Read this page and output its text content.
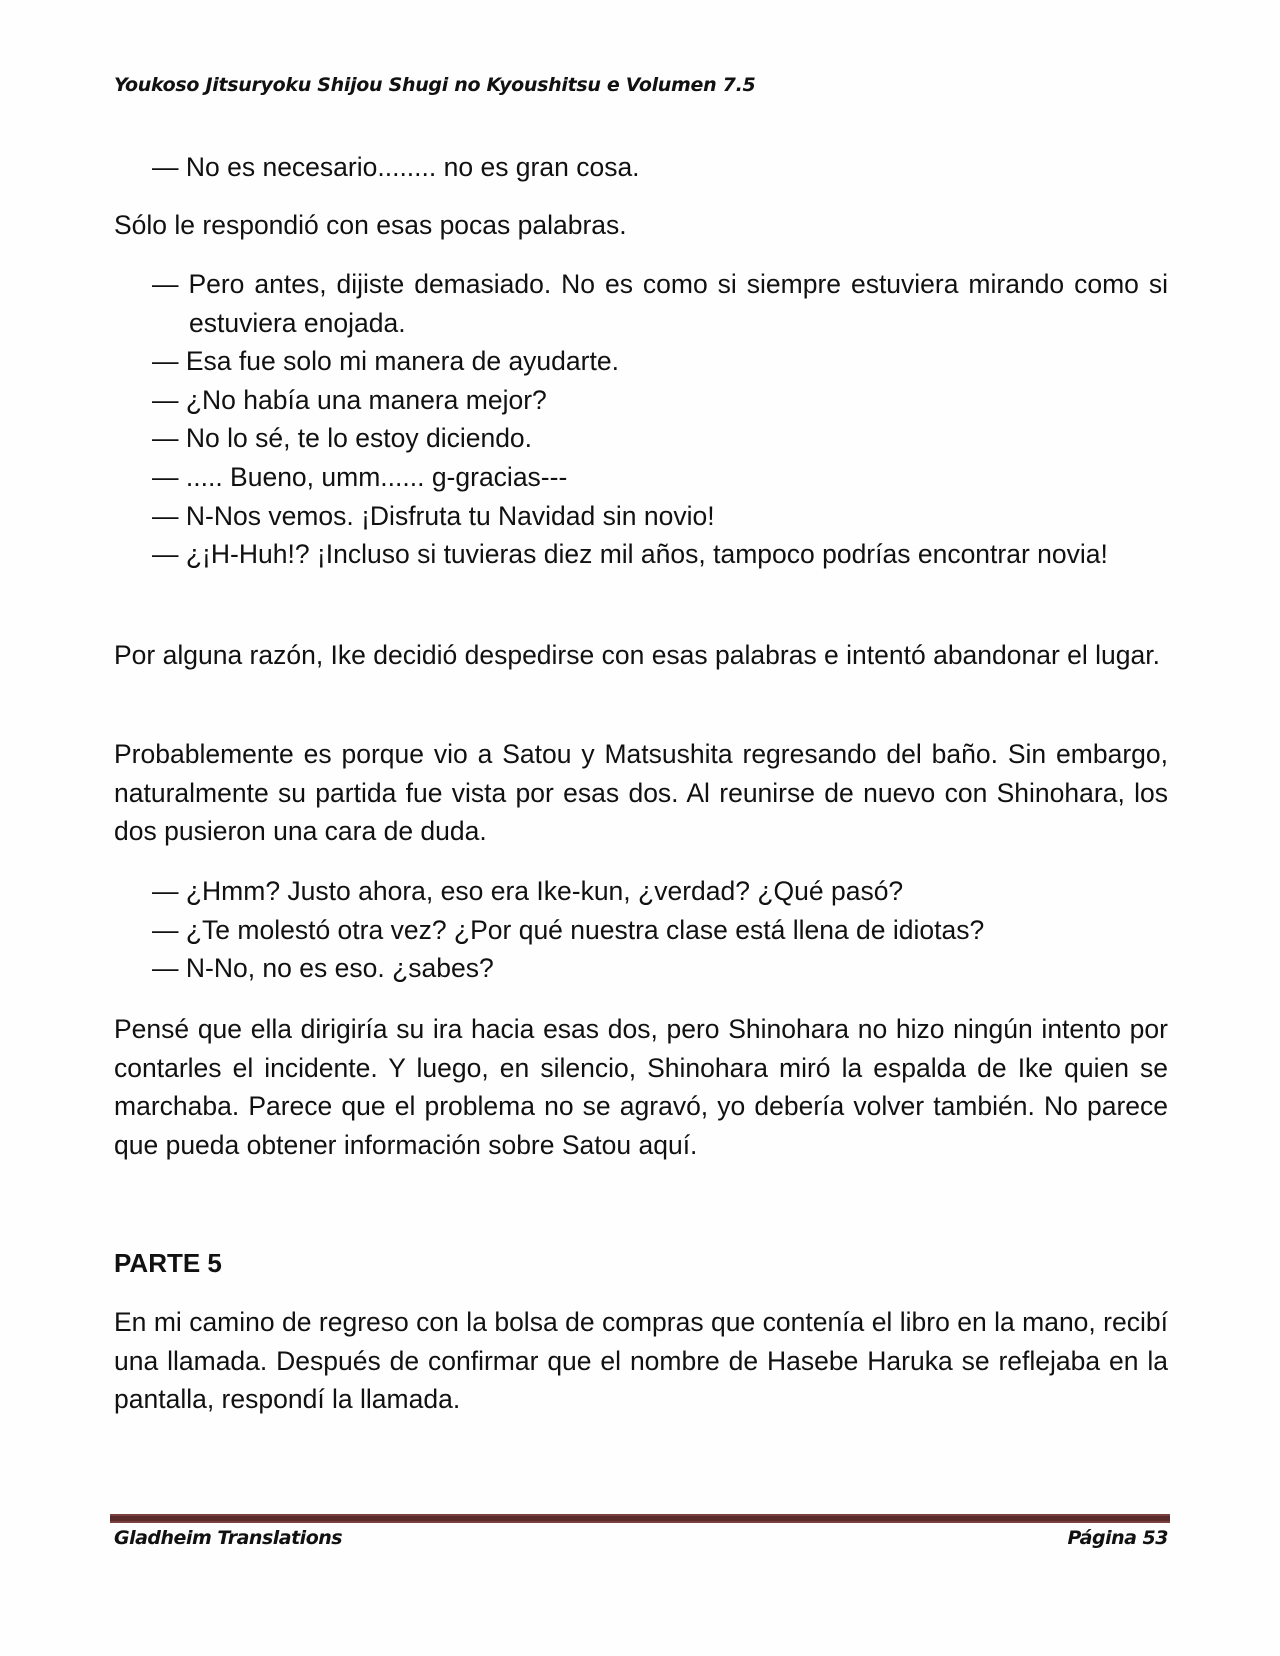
Youkoso Jitsuryoku Shijou Shugi no Kyoushitsu e Volumen 7.5

— No es necesario........ no es gran cosa.

Sólo le respondió con esas pocas palabras.

— Pero antes, dijiste demasiado. No es como si siempre estuviera mirando como si estuviera enojada.

— Esa fue solo mi manera de ayudarte.

— ¿No había una manera mejor?

— No lo sé, te lo estoy diciendo.

— ..... Bueno, umm...... g-gracias---

— N-Nos vemos. ¡Disfruta tu Navidad sin novio!

— ¿¡H-Huh!? ¡Incluso si tuvieras diez mil años, tampoco podrías encontrar novia!

Por alguna razón, Ike decidió despedirse con esas palabras e intentó abandonar el lugar.

Probablemente es porque vio a Satou y Matsushita regresando del baño. Sin embargo, naturalmente su partida fue vista por esas dos. Al reunirse de nuevo con Shinohara, los dos pusieron una cara de duda.

— ¿Hmm? Justo ahora, eso era Ike-kun, ¿verdad? ¿Qué pasó?

— ¿Te molestó otra vez? ¿Por qué nuestra clase está llena de idiotas?

— N-No, no es eso. ¿sabes?

Pensé que ella dirigiría su ira hacia esas dos, pero Shinohara no hizo ningún intento por contarles el incidente. Y luego, en silencio, Shinohara miró la espalda de Ike quien se marchaba. Parece que el problema no se agravó, yo debería volver también. No parece que pueda obtener información sobre Satou aquí.

PARTE 5

En mi camino de regreso con la bolsa de compras que contenía el libro en la mano, recibí una llamada. Después de confirmar que el nombre de Hasebe Haruka se reflejaba en la pantalla, respondí la llamada.

Gladheim Translations	Página 53
